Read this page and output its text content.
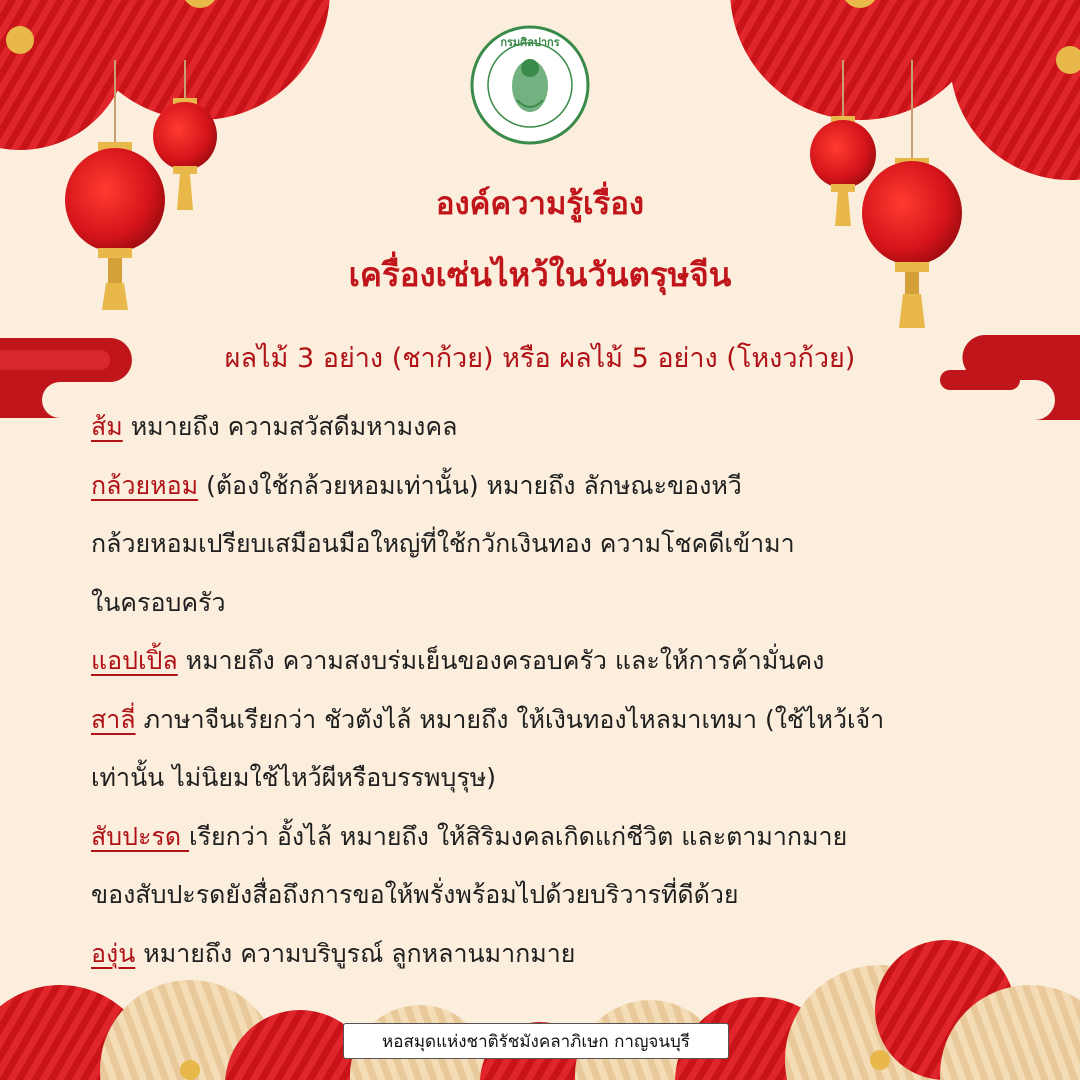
กรมศิลปากร
องค์ความรู้เรื่อง
เครื่องเซ่นไหว้ในวันตรุษจีน
ผลไม้ 3 อย่าง (ชาก้วย) หรือ ผลไม้ 5 อย่าง (โหงวก้วย)
ส้ม หมายถึง ความสวัสดีมหามงคล
กล้วยหอม (ต้องใช้กล้วยหอมเท่านั้น) หมายถึง ลักษณะของหวี
กล้วยหอมเปรียบเสมือนมือใหญ่ที่ใช้กวักเงินทอง ความโชคดีเข้ามา
ในครอบครัว
แอปเปิ้ล หมายถึง ความสงบร่มเย็นของครอบครัว และให้การค้ามั่นคง
สาลี่ ภาษาจีนเรียกว่า ชัวตังไล้ หมายถึง ให้เงินทองไหลมาเทมา (ใช้ไหว้เจ้า
เท่านั้น ไม่นิยมใช้ไหว้ผีหรือบรรพบุรุษ)
สับปะรด เรียกว่า อั้งไล้ หมายถึง ให้สิริมงคลเกิดแก่ชีวิต และตามากมาย
ของสับปะรดยังสื่อถึงการขอให้พรั่งพร้อมไปด้วยบริวารที่ดีด้วย
องุ่น หมายถึง ความบริบูรณ์ ลูกหลานมากมาย
หอสมุดแห่งชาติรัชมังคลาภิเษก กาญจนบุรี
